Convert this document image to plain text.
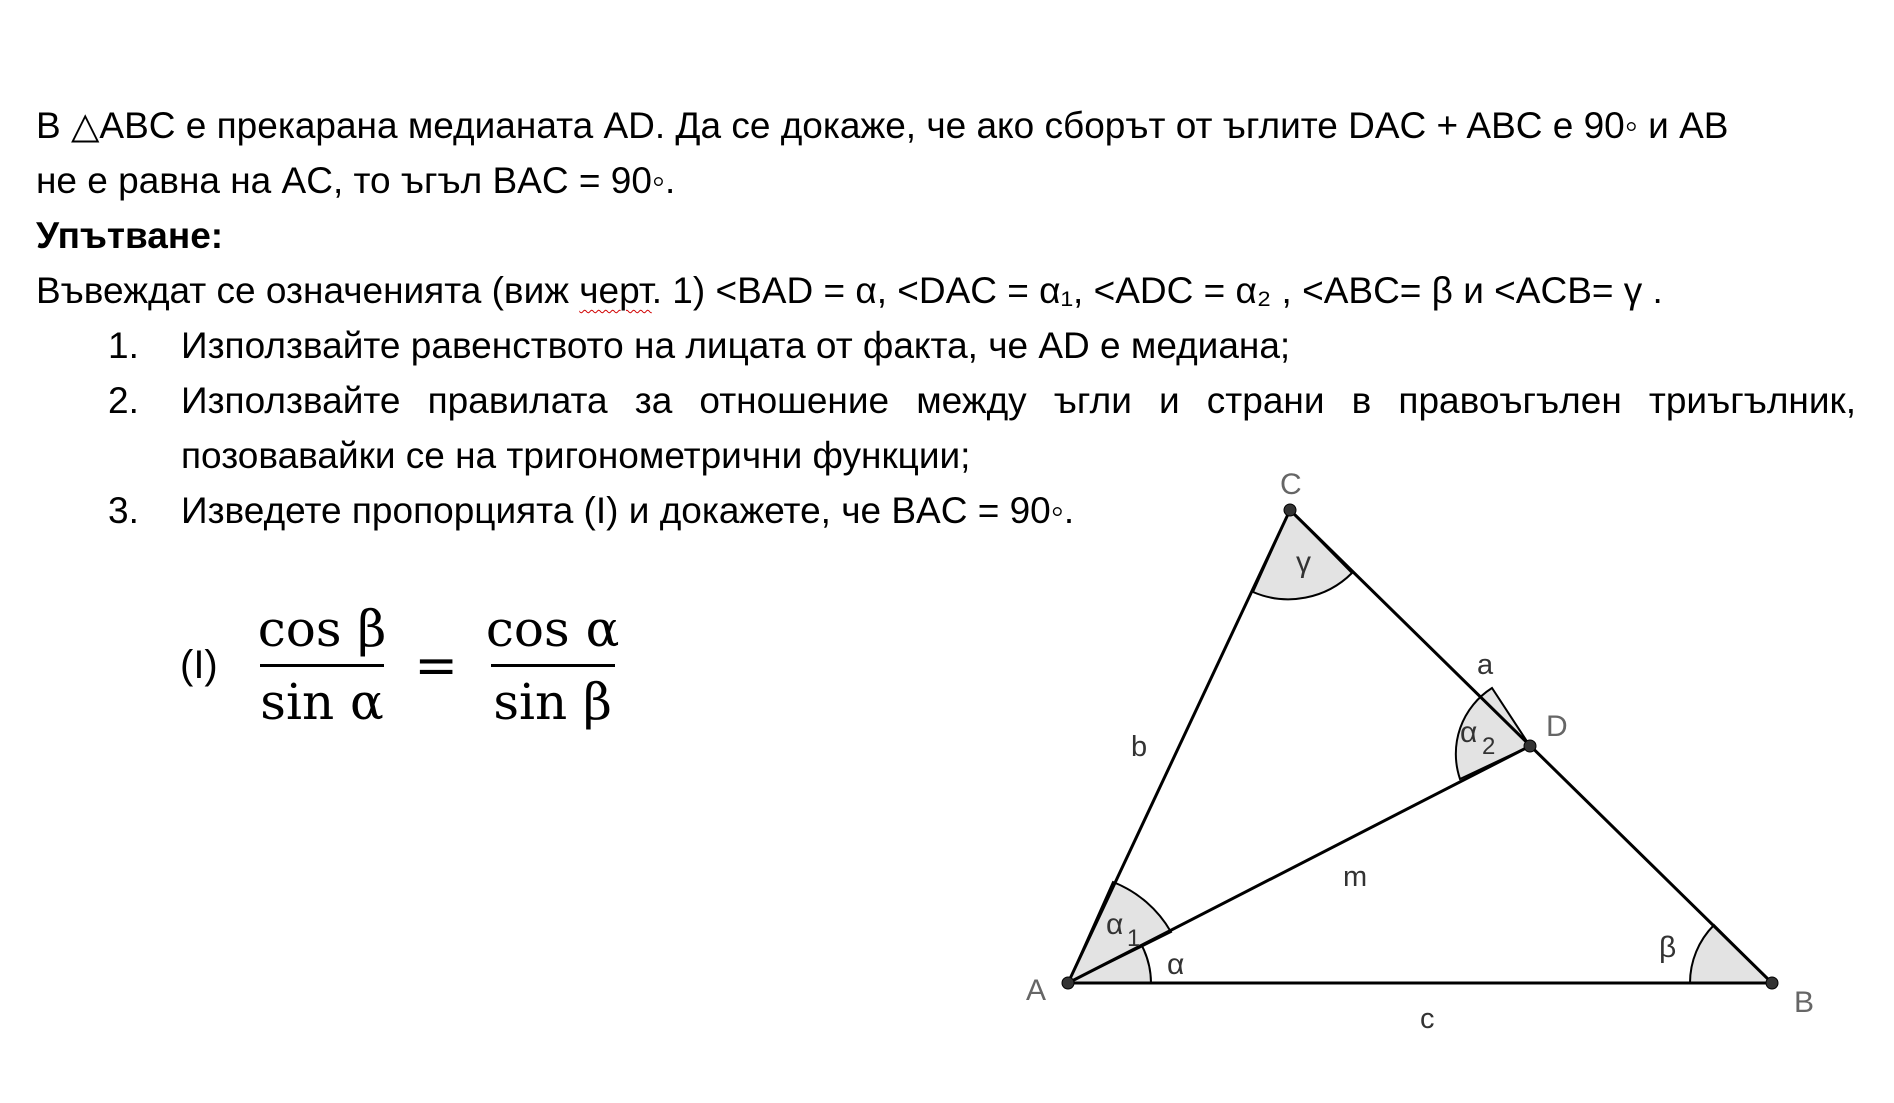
В △ABC е прекарана медианата AD. Да се докаже, че ако сборът от ъглите DAC + ABC е 90◦ и AB
не е равна на AC, то ъгъл BAC = 90◦.
Упътване:
Въвеждат се означенията (виж черт. 1) <BAD = α, <DAC = α₁, <ADC = α₂ , <ABC= β и <ACB= γ .
1. Използвайте равенството на лицата от факта, че AD е медиана;
2. Използвайте правилата за отношение между ъгли и страни в правоъгълен триъгълник,
позовавайки се на тригонометрични функции;
3. Изведете пропорцията (I) и докажете, че BAC = 90◦.
$(I) \frac{\text{cos β}}{\text{sin α}} = \frac{\text{cos α}}{\text{sin β}}$
A	B
C
D
a
b
c
m
α
α 1
α 2
β
γ
